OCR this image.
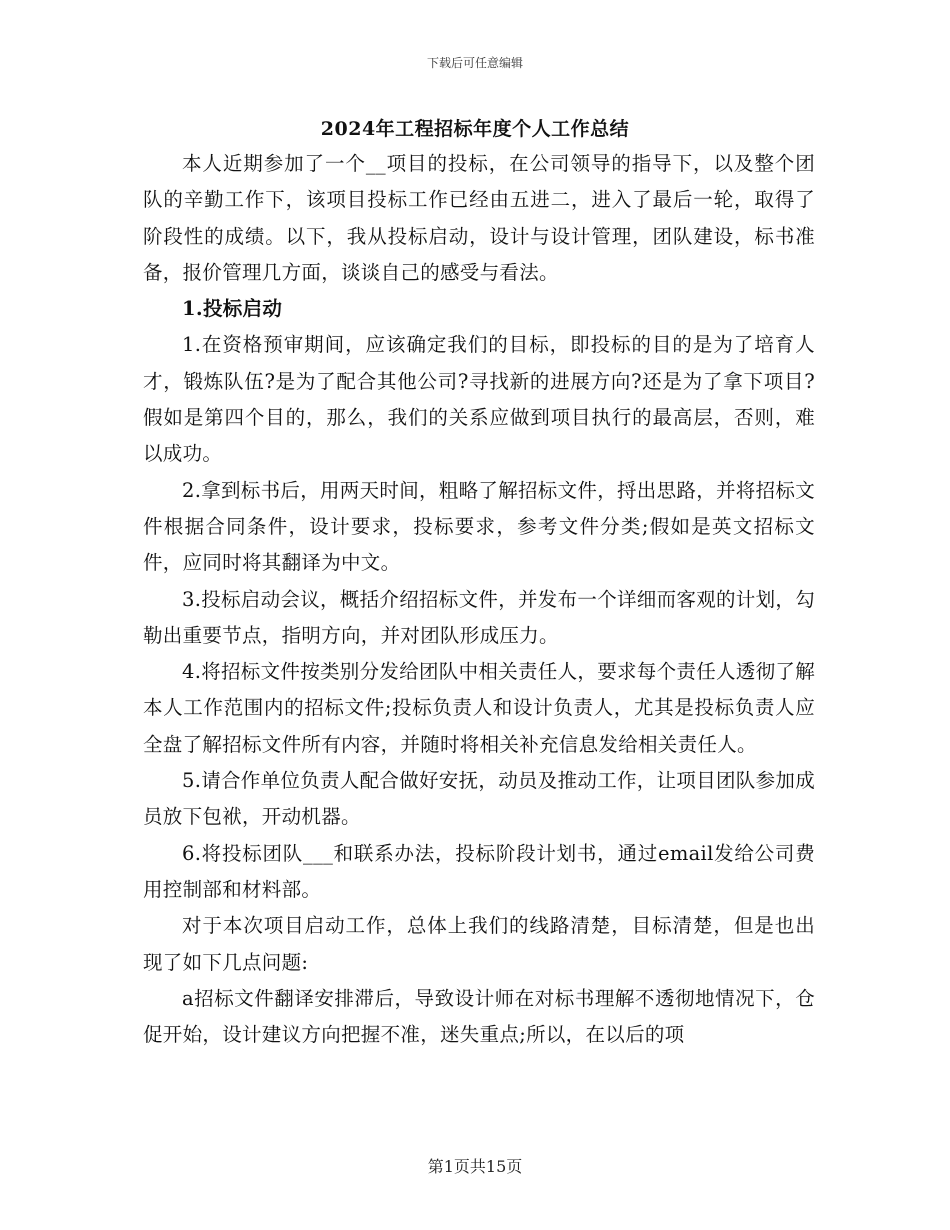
下载后可任意编辑
2024年工程招标年度个人工作总结

本人近期参加了一个__项目的投标，在公司领导的指导下，以及整个团队的辛勤工作下，该项目投标工作已经由五进二，进入了最后一轮，取得了阶段性的成绩。以下，我从投标启动，设计与设计管理，团队建设，标书准备，报价管理几方面，谈谈自己的感受与看法。

1.投标启动

1.在资格预审期间，应该确定我们的目标，即投标的目的是为了培育人才，锻炼队伍?是为了配合其他公司?寻找新的进展方向?还是为了拿下项目?假如是第四个目的，那么，我们的关系应做到项目执行的最高层，否则，难以成功。

2.拿到标书后，用两天时间，粗略了解招标文件，捋出思路，并将招标文件根据合同条件，设计要求，投标要求，参考文件分类;假如是英文招标文件，应同时将其翻译为中文。

3.投标启动会议，概括介绍招标文件，并发布一个详细而客观的计划，勾勒出重要节点，指明方向，并对团队形成压力。

4.将招标文件按类别分发给团队中相关责任人，要求每个责任人透彻了解本人工作范围内的招标文件;投标负责人和设计负责人，尤其是投标负责人应全盘了解招标文件所有内容，并随时将相关补充信息发给相关责任人。

5.请合作单位负责人配合做好安抚，动员及推动工作，让项目团队参加成员放下包袱，开动机器。

6.将投标团队___和联系办法，投标阶段计划书，通过email发给公司费用控制部和材料部。

对于本次项目启动工作，总体上我们的线路清楚，目标清楚，但是也出现了如下几点问题:

a招标文件翻译安排滞后，导致设计师在对标书理解不透彻地情况下，仓促开始，设计建议方向把握不准，迷失重点;所以，在以后的项

第1页共15页
